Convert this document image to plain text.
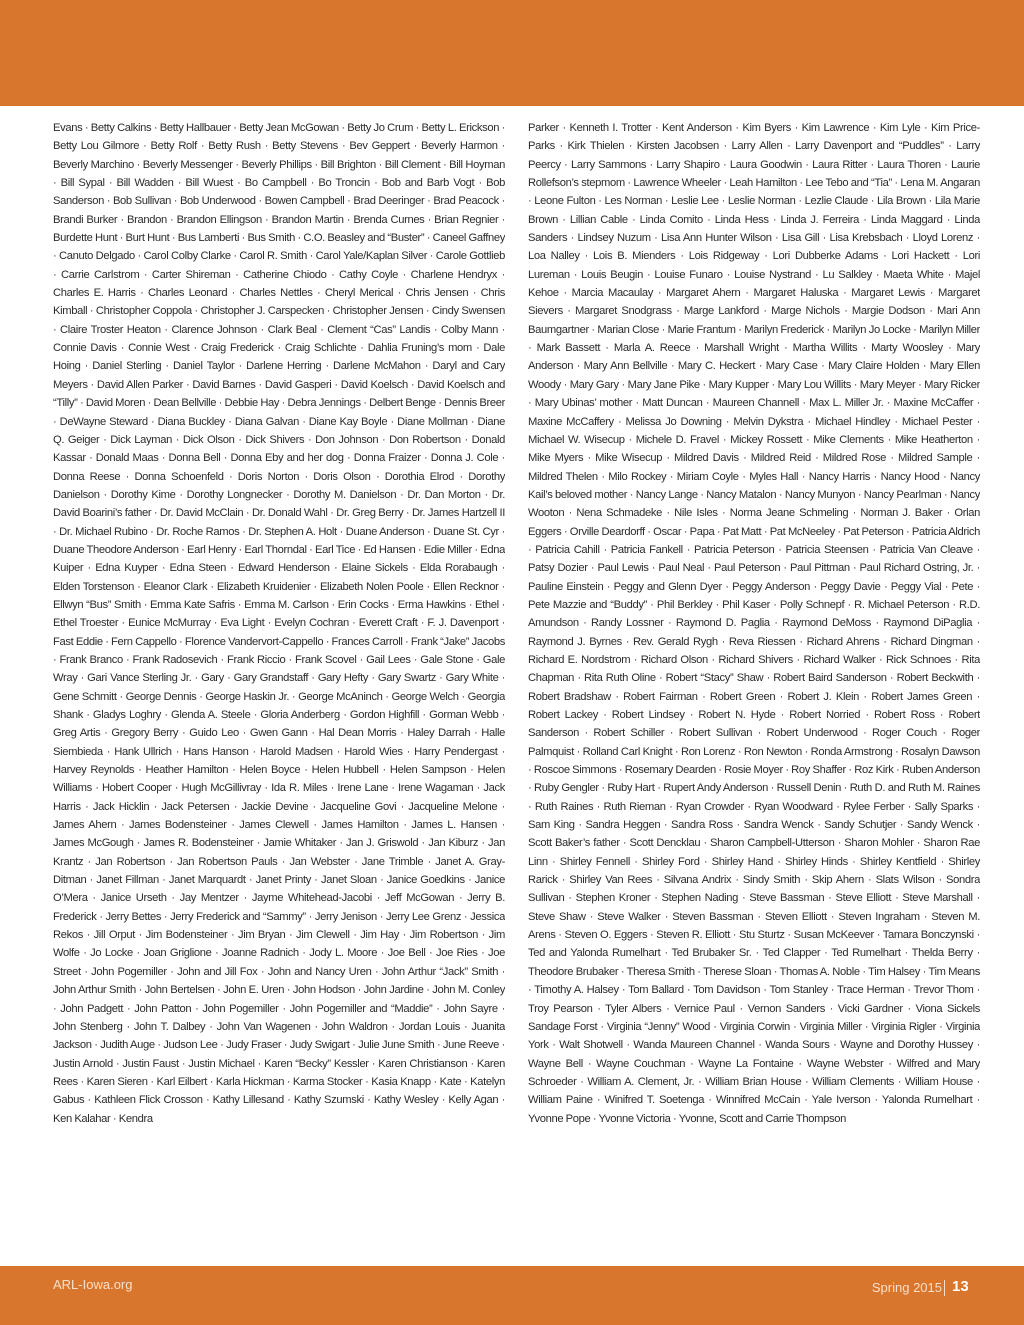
Evans · Betty Calkins · Betty Hallbauer · Betty Jean McGowan · Betty Jo Crum · Betty L. Erickson · Betty Lou Gilmore · Betty Rolf · Betty Rush · Betty Stevens · Bev Geppert · Beverly Harmon · Beverly Marchino · Beverly Messenger · Beverly Phillips · Bill Brighton · Bill Clement · Bill Hoyman · Bill Sypal · Bill Wadden · Bill Wuest · Bo Campbell · Bo Troncin · Bob and Barb Vogt · Bob Sanderson · Bob Sullivan · Bob Underwood · Bowen Campbell · Brad Deeringer · Brad Peacock · Brandi Burker · Brandon · Brandon Ellingson · Brandon Martin · Brenda Curnes · Brian Regnier · Burdette Hunt · Burt Hunt · Bus Lamberti · Bus Smith · C.O. Beasley and “Buster” · Caneel Gaffney · Canuto Delgado · Carol Colby Clarke · Carol R. Smith · Carol Yale/Kaplan Silver · Carole Gottlieb · Carrie Carlstrom · Carter Shireman · Catherine Chiodo · Cathy Coyle · Charlene Hendryx · Charles E. Harris · Charles Leonard · Charles Nettles · Cheryl Merical · Chris Jensen · Chris Kimball · Christopher Coppola · Christopher J. Carspecken · Christopher Jensen · Cindy Swensen · Claire Troster Heaton · Clarence Johnson · Clark Beal · Clement “Cas” Landis · Colby Mann · Connie Davis · Connie West · Craig Frederick · Craig Schlichte · Dahlia Fruning’s mom · Dale Hoing · Daniel Sterling · Daniel Taylor · Darlene Herring · Darlene McMahon · Daryl and Cary Meyers · David Allen Parker · David Barnes · David Gasperi · David Koelsch · David Koelsch and “Tilly” · David Moren · Dean Bellville · Debbie Hay · Debra Jennings · Delbert Benge · Dennis Breer · DeWayne Steward · Diana Buckley · Diana Galvan · Diane Kay Boyle · Diane Mollman · Diane Q. Geiger · Dick Layman · Dick Olson · Dick Shivers · Don Johnson · Don Robertson · Donald Kassar · Donald Maas · Donna Bell · Donna Eby and her dog · Donna Fraizer · Donna J. Cole · Donna Reese · Donna Schoenfeld · Doris Norton · Doris Olson · Dorothia Elrod · Dorothy Danielson · Dorothy Kime · Dorothy Longnecker · Dorothy M. Danielson · Dr. Dan Morton · Dr. David Boarini’s father · Dr. David McClain · Dr. Donald Wahl · Dr. Greg Berry · Dr. James Hartzell II · Dr. Michael Rubino · Dr. Roche Ramos · Dr. Stephen A. Holt · Duane Anderson · Duane St. Cyr · Duane Theodore Anderson · Earl Henry · Earl Thorndal · Earl Tice · Ed Hansen · Edie Miller · Edna Kuiper · Edna Kuyper · Edna Steen · Edward Henderson · Elaine Sickels · Elda Rorabaugh · Elden Torstenson · Eleanor Clark · Elizabeth Kruidenier · Elizabeth Nolen Poole · Ellen Recknor · Ellwyn “Bus” Smith · Emma Kate Safris · Emma M. Carlson · Erin Cocks · Erma Hawkins · Ethel · Ethel Troester · Eunice McMurray · Eva Light · Evelyn Cochran · Everett Craft · F. J. Davenport · Fast Eddie · Fern Cappello · Florence Vandervort-Cappello · Frances Carroll · Frank “Jake” Jacobs · Frank Branco · Frank Radosevich · Frank Riccio · Frank Scovel · Gail Lees · Gale Stone · Gale Wray · Gari Vance Sterling Jr. · Gary · Gary Grandstaff · Gary Hefty · Gary Swartz · Gary White · Gene Schmitt · George Dennis · George Haskin Jr. · George McAninch · George Welch · Georgia Shank · Gladys Loghry · Glenda A. Steele · Gloria Anderberg · Gordon Highfill · Gorman Webb · Greg Artis · Gregory Berry · Guido Leo · Gwen Gann · Hal Dean Morris · Haley Darrah · Halle Siembieda · Hank Ullrich · Hans Hanson · Harold Madsen · Harold Wies · Harry Pendergast · Harvey Reynolds · Heather Hamilton · Helen Boyce · Helen Hubbell · Helen Sampson · Helen Williams · Hobert Cooper · Hugh McGillivray · Ida R. Miles · Irene Lane · Irene Wagaman · Jack Harris · Jack Hicklin · Jack Petersen · Jackie Devine · Jacqueline Govi · Jacqueline Melone · James Ahern · James Bodensteiner · James Clewell · James Hamilton · James L. Hansen · James McGough · James R. Bodensteiner · Jamie Whitaker · Jan J. Griswold · Jan Kiburz · Jan Krantz · Jan Robertson · Jan Robertson Pauls · Jan Webster · Jane Trimble · Janet A. Gray-Ditman · Janet Fillman · Janet Marquardt · Janet Printy · Janet Sloan · Janice Goedkins · Janice O’Mera · Janice Urseth · Jay Mentzer · Jayme Whitehead-Jacobi · Jeff McGowan · Jerry B. Frederick · Jerry Bettes · Jerry Frederick and “Sammy” · Jerry Jenison · Jerry Lee Grenz · Jessica Rekos · Jill Orput · Jim Bodensteiner · Jim Bryan · Jim Clewell · Jim Hay · Jim Robertson · Jim Wolfe · Jo Locke · Joan Griglione · Joanne Radnich · Jody L. Moore · Joe Bell · Joe Ries · Joe Street · John Pogemiller · John and Jill Fox · John and Nancy Uren · John Arthur “Jack” Smith · John Arthur Smith · John Bertelsen · John E. Uren · John Hodson · John Jardine · John M. Conley · John Padgett · John Patton · John Pogemiller · John Pogemiller and “Maddie” · John Sayre · John Stenberg · John T. Dalbey · John Van Wagenen · John Waldron · Jordan Louis · Juanita Jackson · Judith Auge · Judson Lee · Judy Fraser · Judy Swigart · Julie June Smith · June Reeve · Justin Arnold · Justin Faust · Justin Michael · Karen “Becky” Kessler · Karen Christianson · Karen Rees · Karen Sieren · Karl Eilbert · Karla Hickman · Karma Stocker · Kasia Knapp · Kate · Katelyn Gabus · Kathleen Flick Crosson · Kathy Lillesand · Kathy Szumski · Kathy Wesley · Kelly Agan · Ken Kalahar · Kendra
Parker · Kenneth I. Trotter · Kent Anderson · Kim Byers · Kim Lawrence · Kim Lyle · Kim Price-Parks · Kirk Thielen · Kirsten Jacobsen · Larry Allen · Larry Davenport and “Puddles” · Larry Peercy · Larry Sammons · Larry Shapiro · Laura Goodwin · Laura Ritter · Laura Thoren · Laurie Rollefson’s stepmom · Lawrence Wheeler · Leah Hamilton · Lee Tebo and “Tia” · Lena M. Angaran · Leone Fulton · Les Norman · Leslie Lee · Leslie Norman · Lezlie Claude · Lila Brown · Lila Marie Brown · Lillian Cable · Linda Comito · Linda Hess · Linda J. Ferreira · Linda Maggard · Linda Sanders · Lindsey Nuzum · Lisa Ann Hunter Wilson · Lisa Gill · Lisa Krebsbach · Lloyd Lorenz · Loa Nalley · Lois B. Mienders · Lois Ridgeway · Lori Dubberke Adams · Lori Hackett · Lori Lureman · Louis Beugin · Louise Funaro · Louise Nystrand · Lu Salkley · Maeta White · Majel Kehoe · Marcia Macaulay · Margaret Ahern · Margaret Haluska · Margaret Lewis · Margaret Sievers · Margaret Snodgrass · Marge Lankford · Marge Nichols · Margie Dodson · Mari Ann Baumgartner · Marian Close · Marie Frantum · Marilyn Frederick · Marilyn Jo Locke · Marilyn Miller · Mark Bassett · Marla A. Reece · Marshall Wright · Martha Willits · Marty Woosley · Mary Anderson · Mary Ann Bellville · Mary C. Heckert · Mary Case · Mary Claire Holden · Mary Ellen Woody · Mary Gary · Mary Jane Pike · Mary Kupper · Mary Lou Willits · Mary Meyer · Mary Ricker · Mary Ubinas’ mother · Matt Duncan · Maureen Channell · Max L. Miller Jr. · Maxine McCaffer · Maxine McCaffery · Melissa Jo Downing · Melvin Dykstra · Michael Hindley · Michael Pester · Michael W. Wisecup · Michele D. Fravel · Mickey Rossett · Mike Clements · Mike Heatherton · Mike Myers · Mike Wisecup · Mildred Davis · Mildred Reid · Mildred Rose · Mildred Sample · Mildred Thelen · Milo Rockey · Miriam Coyle · Myles Hall · Nancy Harris · Nancy Hood · Nancy Kail’s beloved mother · Nancy Lange · Nancy Matalon · Nancy Munyon · Nancy Pearlman · Nancy Wooton · Nena Schmadeke · Nile Isles · Norma Jeane Schmeling · Norman J. Baker · Orlan Eggers · Orville Deardorff · Oscar · Papa · Pat Matt · Pat McNeeley · Pat Peterson · Patricia Aldrich · Patricia Cahill · Patricia Fankell · Patricia Peterson · Patricia Steensen · Patricia Van Cleave · Patsy Dozier · Paul Lewis · Paul Neal · Paul Peterson · Paul Pittman · Paul Richard Ostring, Jr. · Pauline Einstein · Peggy and Glenn Dyer · Peggy Anderson · Peggy Davie · Peggy Vial · Pete · Pete Mazzie and “Buddy” · Phil Berkley · Phil Kaser · Polly Schnepf · R. Michael Peterson · R.D. Amundson · Randy Lossner · Raymond D. Paglia · Raymond DeMoss · Raymond DiPaglia · Raymond J. Byrnes · Rev. Gerald Rygh · Reva Riessen · Richard Ahrens · Richard Dingman · Richard E. Nordstrom · Richard Olson · Richard Shivers · Richard Walker · Rick Schnoes · Rita Chapman · Rita Ruth Oline · Robert “Stacy” Shaw · Robert Baird Sanderson · Robert Beckwith · Robert Bradshaw · Robert Fairman · Robert Green · Robert J. Klein · Robert James Green · Robert Lackey · Robert Lindsey · Robert N. Hyde · Robert Norried · Robert Ross · Robert Sanderson · Robert Schiller · Robert Sullivan · Robert Underwood · Roger Couch · Roger Palmquist · Rolland Carl Knight · Ron Lorenz · Ron Newton · Ronda Armstrong · Rosalyn Dawson · Roscoe Simmons · Rosemary Dearden · Rosie Moyer · Roy Shaffer · Roz Kirk · Ruben Anderson · Ruby Gengler · Ruby Hart · Rupert Andy Anderson · Russell Denin · Ruth D. and Ruth M. Raines · Ruth Raines · Ruth Rieman · Ryan Crowder · Ryan Woodward · Rylee Ferber · Sally Sparks · Sam King · Sandra Heggen · Sandra Ross · Sandra Wenck · Sandy Schutjer · Sandy Wenck · Scott Baker’s father · Scott Dencklau · Sharon Campbell-Utterson · Sharon Mohler · Sharon Rae Linn · Shirley Fennell · Shirley Ford · Shirley Hand · Shirley Hinds · Shirley Kentfield · Shirley Rarick · Shirley Van Rees · Silvana Andrix · Sindy Smith · Skip Ahern · Slats Wilson · Sondra Sullivan · Stephen Kroner · Stephen Nading · Steve Bassman · Steve Elliott · Steve Marshall · Steve Shaw · Steve Walker · Steven Bassman · Steven Elliott · Steven Ingraham · Steven M. Arens · Steven O. Eggers · Steven R. Elliott · Stu Sturtz · Susan McKeever · Tamara Bonczynski · Ted and Yalonda Rumelhart · Ted Brubaker Sr. · Ted Clapper · Ted Rumelhart · Thelda Berry · Theodore Brubaker · Theresa Smith · Therese Sloan · Thomas A. Noble · Tim Halsey · Tim Means · Timothy A. Halsey · Tom Ballard · Tom Davidson · Tom Stanley · Trace Herman · Trevor Thom · Troy Pearson · Tyler Albers · Vernice Paul · Vernon Sanders · Vicki Gardner · Viona Sickels Sandage Forst · Virginia “Jenny” Wood · Virginia Corwin · Virginia Miller · Virginia Rigler · Virginia York · Walt Shotwell · Wanda Maureen Channel · Wanda Sours · Wayne and Dorothy Hussey · Wayne Bell · Wayne Couchman · Wayne La Fontaine · Wayne Webster · Wilfred and Mary Schroeder · William A. Clement, Jr. · William Brian House · William Clements · William House · William Paine · Winifred T. Soetenga · Winnifred McCain · Yale Iverson · Yalonda Rumelhart · Yvonne Pope · Yvonne Victoria · Yvonne, Scott and Carrie Thompson
ARL-Iowa.org	Spring 2015 13
